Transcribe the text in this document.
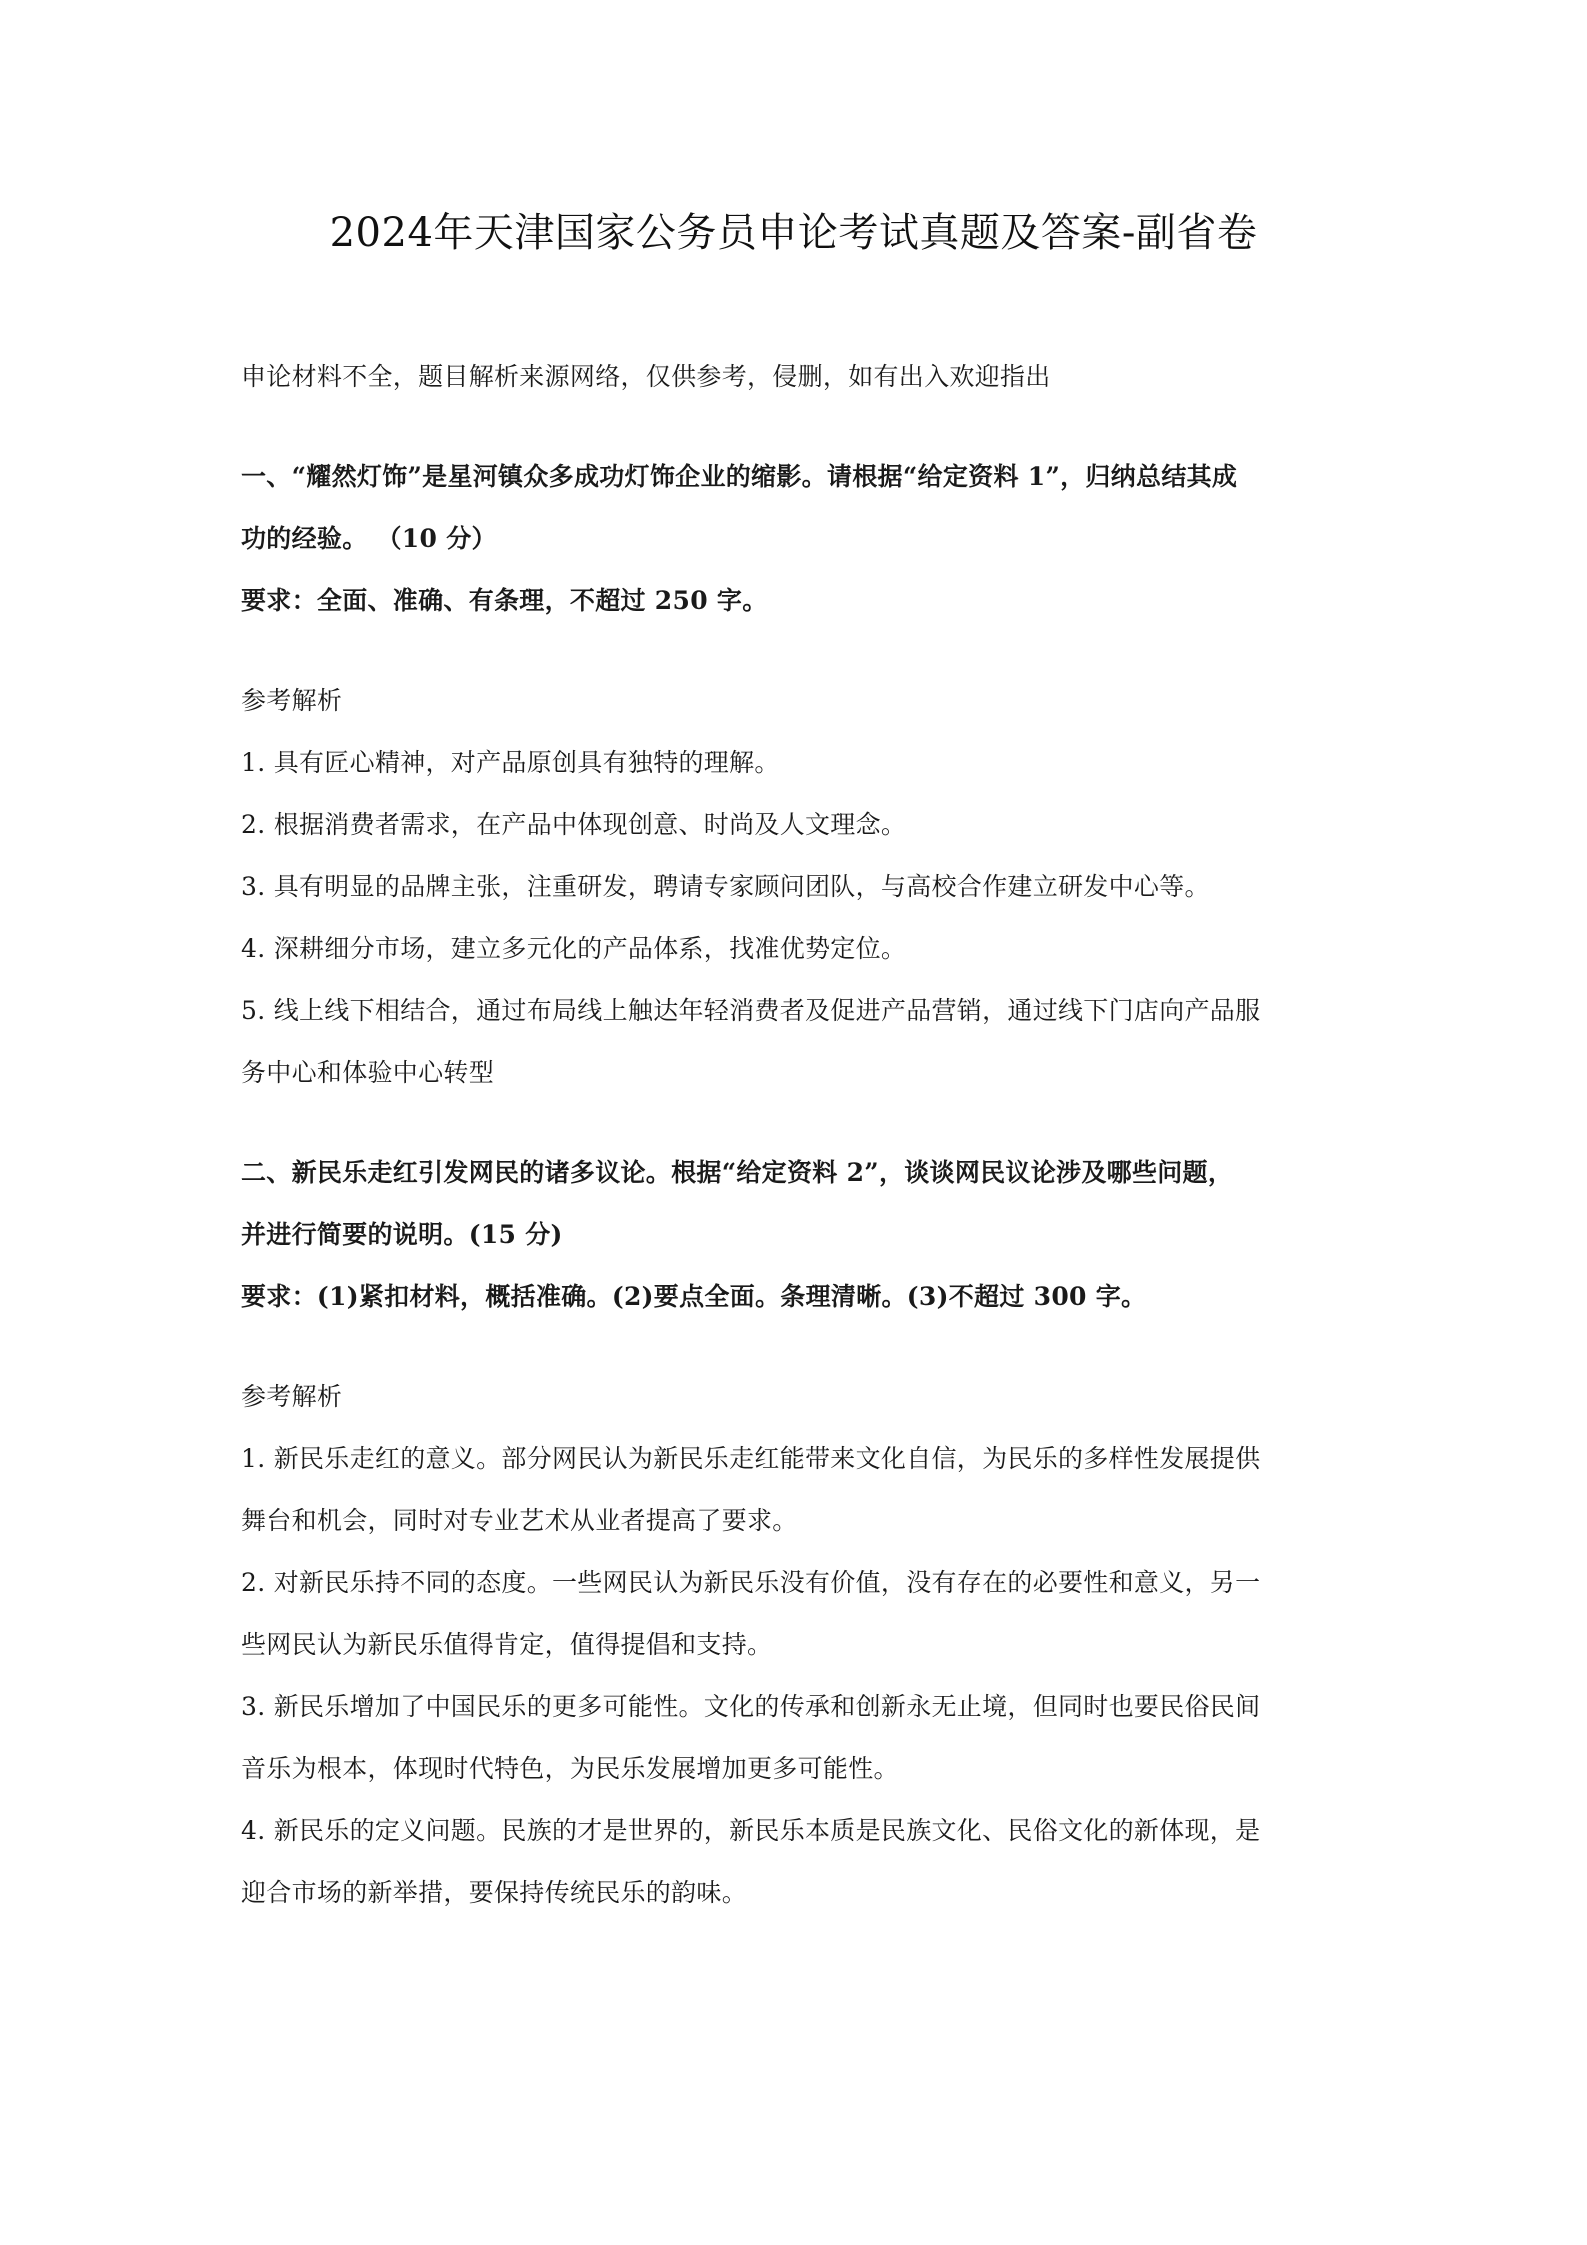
2024年天津国家公务员申论考试真题及答案-副省卷
申论材料不全，题目解析来源网络，仅供参考，侵删，如有出入欢迎指出
一、“耀然灯饰”是星河镇众多成功灯饰企业的缩影。请根据“给定资料 1”，归纳总结其成
功的经验。 （10 分）
要求：全面、准确、有条理，不超过 250 字。
参考解析
1. 具有匠心精神，对产品原创具有独特的理解。
2. 根据消费者需求，在产品中体现创意、时尚及人文理念。
3. 具有明显的品牌主张，注重研发，聘请专家顾问团队，与高校合作建立研发中心等。
4. 深耕细分市场，建立多元化的产品体系，找准优势定位。
5. 线上线下相结合，通过布局线上触达年轻消费者及促进产品营销，通过线下门店向产品服
务中心和体验中心转型
二、新民乐走红引发网民的诸多议论。根据“给定资料 2”，谈谈网民议论涉及哪些问题，
并进行简要的说明。(15 分)
要求：(1)紧扣材料，概括准确。(2)要点全面。条理清晰。(3)不超过 300 字。
参考解析
1. 新民乐走红的意义。部分网民认为新民乐走红能带来文化自信，为民乐的多样性发展提供
舞台和机会，同时对专业艺术从业者提高了要求。
2. 对新民乐持不同的态度。一些网民认为新民乐没有价值，没有存在的必要性和意义，另一
些网民认为新民乐值得肯定，值得提倡和支持。
3. 新民乐增加了中国民乐的更多可能性。文化的传承和创新永无止境，但同时也要民俗民间
音乐为根本，体现时代特色，为民乐发展增加更多可能性。
4. 新民乐的定义问题。民族的才是世界的，新民乐本质是民族文化、民俗文化的新体现，是
迎合市场的新举措，要保持传统民乐的韵味。
